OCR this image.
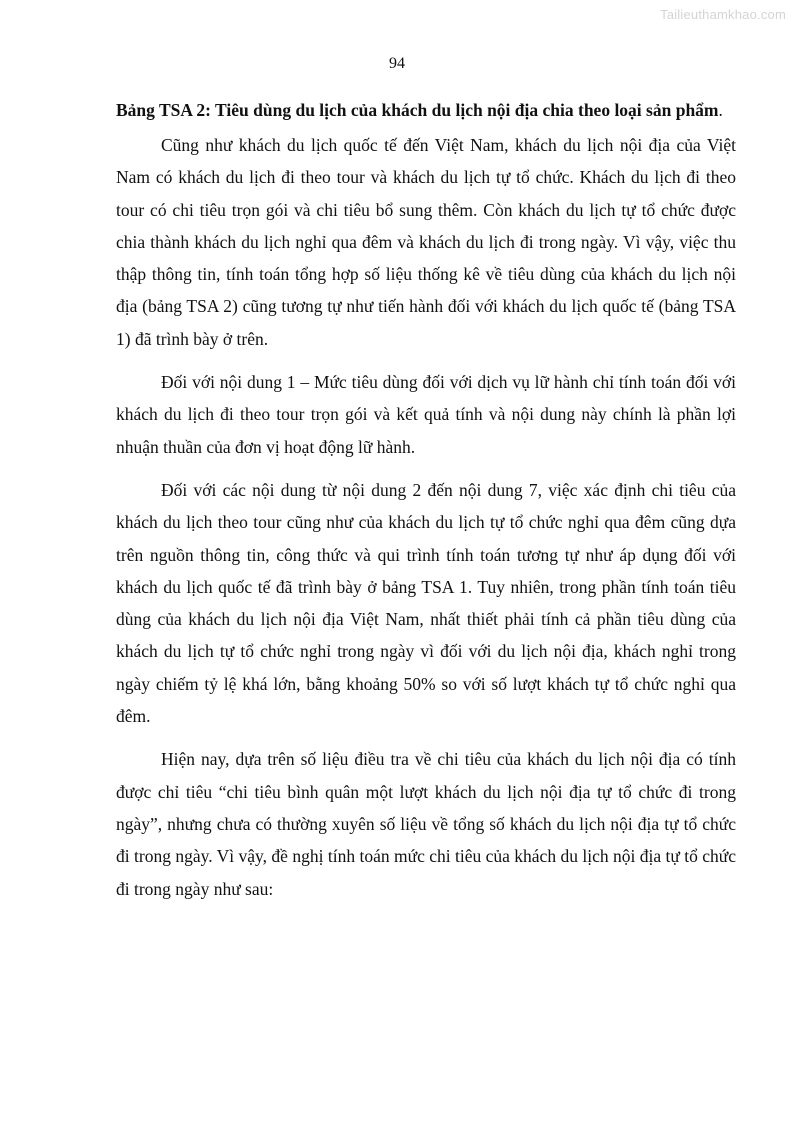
Tailieuthamkhao.com
94

Bảng TSA 2: Tiêu dùng du lịch của khách du lịch nội địa chia theo loại sản phẩm.

Cũng như khách du lịch quốc tế đến Việt Nam, khách du lịch nội địa của Việt Nam có khách du lịch đi theo tour và khách du lịch tự tổ chức. Khách du lịch đi theo tour có chi tiêu trọn gói và chi tiêu bổ sung thêm. Còn khách du lịch tự tổ chức được chia thành khách du lịch nghỉ qua đêm và khách du lịch đi trong ngày. Vì vậy, việc thu thập thông tin, tính toán tổng hợp số liệu thống kê về tiêu dùng của khách du lịch nội địa (bảng TSA 2) cũng tương tự như tiến hành đối với khách du lịch quốc tế (bảng TSA 1) đã trình bày ở trên.

Đối với nội dung 1 – Mức tiêu dùng đối với dịch vụ lữ hành chỉ tính toán đối với khách du lịch đi theo tour trọn gói và kết quả tính và nội dung này chính là phần lợi nhuận thuần của đơn vị hoạt động lữ hành.

Đối với các nội dung từ nội dung 2 đến nội dung 7, việc xác định chi tiêu của khách du lịch theo tour cũng như của khách du lịch tự tổ chức nghỉ qua đêm cũng dựa trên nguồn thông tin, công thức và qui trình tính toán tương tự như áp dụng đối với khách du lịch quốc tế đã trình bày ở bảng TSA 1. Tuy nhiên, trong phần tính toán tiêu dùng của khách du lịch nội địa Việt Nam, nhất thiết phải tính cả phần tiêu dùng của khách du lịch tự tổ chức nghỉ trong ngày vì đối với du lịch nội địa, khách nghỉ trong ngày chiếm tỷ lệ khá lớn, bằng khoảng 50% so với số lượt khách tự tổ chức nghỉ qua đêm.

Hiện nay, dựa trên số liệu điều tra về chi tiêu của khách du lịch nội địa có tính được chỉ tiêu “chi tiêu bình quân một lượt khách du lịch nội địa tự tổ chức đi trong ngày”, nhưng chưa có thường xuyên số liệu về tổng số khách du lịch nội địa tự tổ chức đi trong ngày. Vì vậy, đề nghị tính toán mức chi tiêu của khách du lịch nội địa tự tổ chức đi trong ngày như sau:
